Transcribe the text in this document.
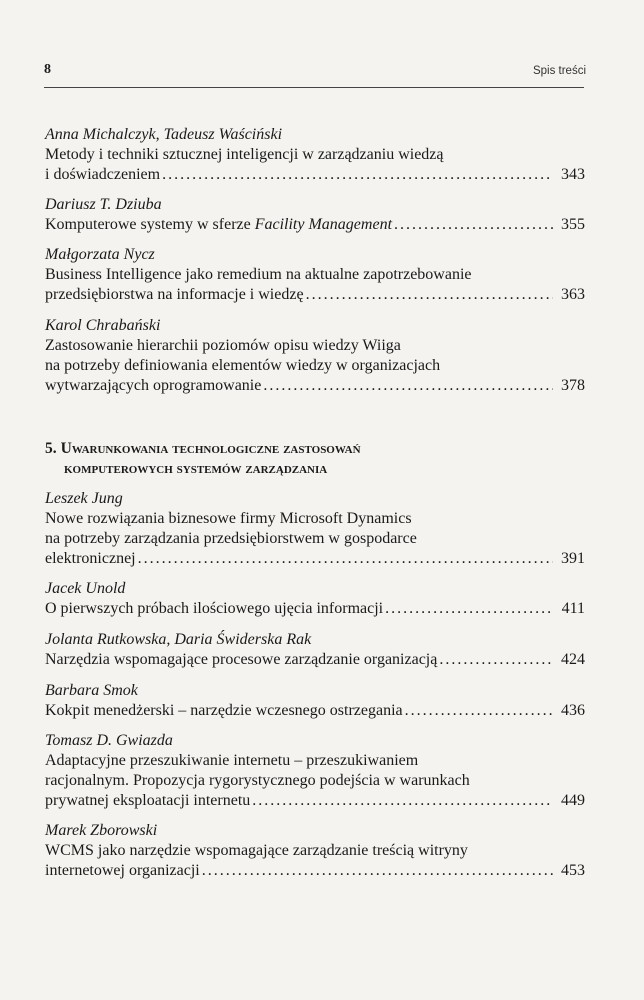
8	Spis treści
Anna Michalczyk, Tadeusz Waściński
Metody i techniki sztucznej inteligencji w zarządzaniu wiedzą
i doświadczeniem . . .	343
Dariusz T. Dziuba
Komputerowe systemy w sferze Facility Management . . .	355
Małgorzata Nycz
Business Intelligence jako remedium na aktualne zapotrzebowanie
przedsiębiorstwa na informacje i wiedzę . . .	363
Karol Chrabański
Zastosowanie hierarchii poziomów opisu wiedzy Wiiga
na potrzeby definiowania elementów wiedzy w organizacjach
wytwarzających oprogramowanie . . .	378
5. Uwarunkowania technologiczne zastosowań
komputerowych systemów zarządzania
Leszek Jung
Nowe rozwiązania biznesowe firmy Microsoft Dynamics
na potrzeby zarządzania przedsiębiorstwem w gospodarce
elektronicznej . . .	391
Jacek Unold
O pierwszych próbach ilościowego ujęcia informacji . . .	411
Jolanta Rutkowska, Daria Świderska Rak
Narzędzia wspomagające procesowe zarządzanie organizacją . . .	424
Barbara Smok
Kokpit menedżerski – narzędzie wczesnego ostrzegania . . .	436
Tomasz D. Gwiazda
Adaptacyjne przeszukiwanie internetu – przeszukiwaniem
racjonalnym. Propozycja rygorystycznego podejścia w warunkach
prywatnej eksploatacji internetu . . .	449
Marek Zborowski
WCMS jako narzędzie wspomagające zarządzanie treścią witryny
internetowej organizacji . . .	453
